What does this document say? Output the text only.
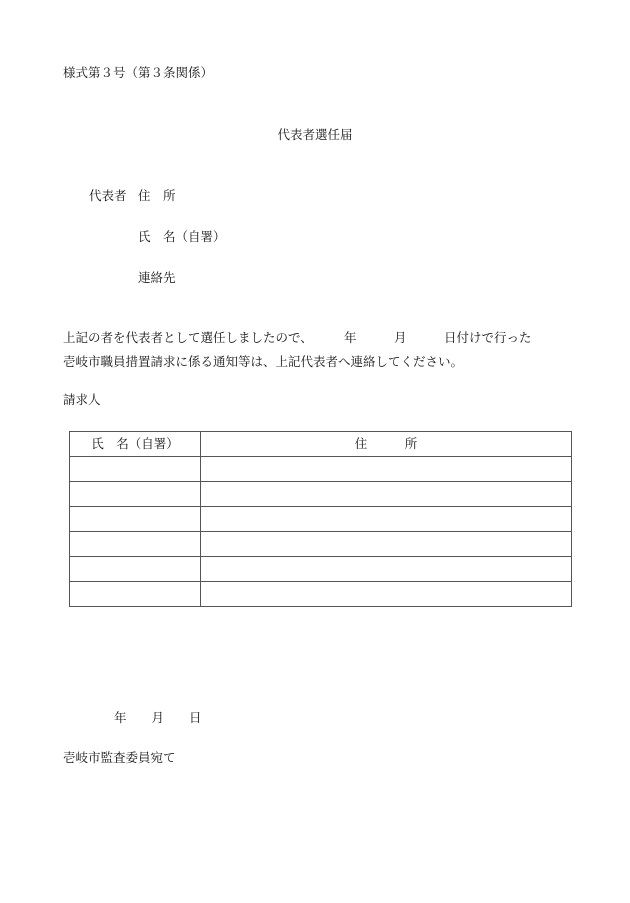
様式第３号（第３条関係）
代表者選任届
代表者 住　所
氏　名（自署）
連絡先
上記の者を代表者として選任しましたので、　　　年　　　月　　　日付けで行った
壱岐市職員措置請求に係る通知等は、上記代表者へ連絡してください。
請求人
氏　名（自署）	住　　　所

年　　月　　日
壱岐市監査委員宛て
